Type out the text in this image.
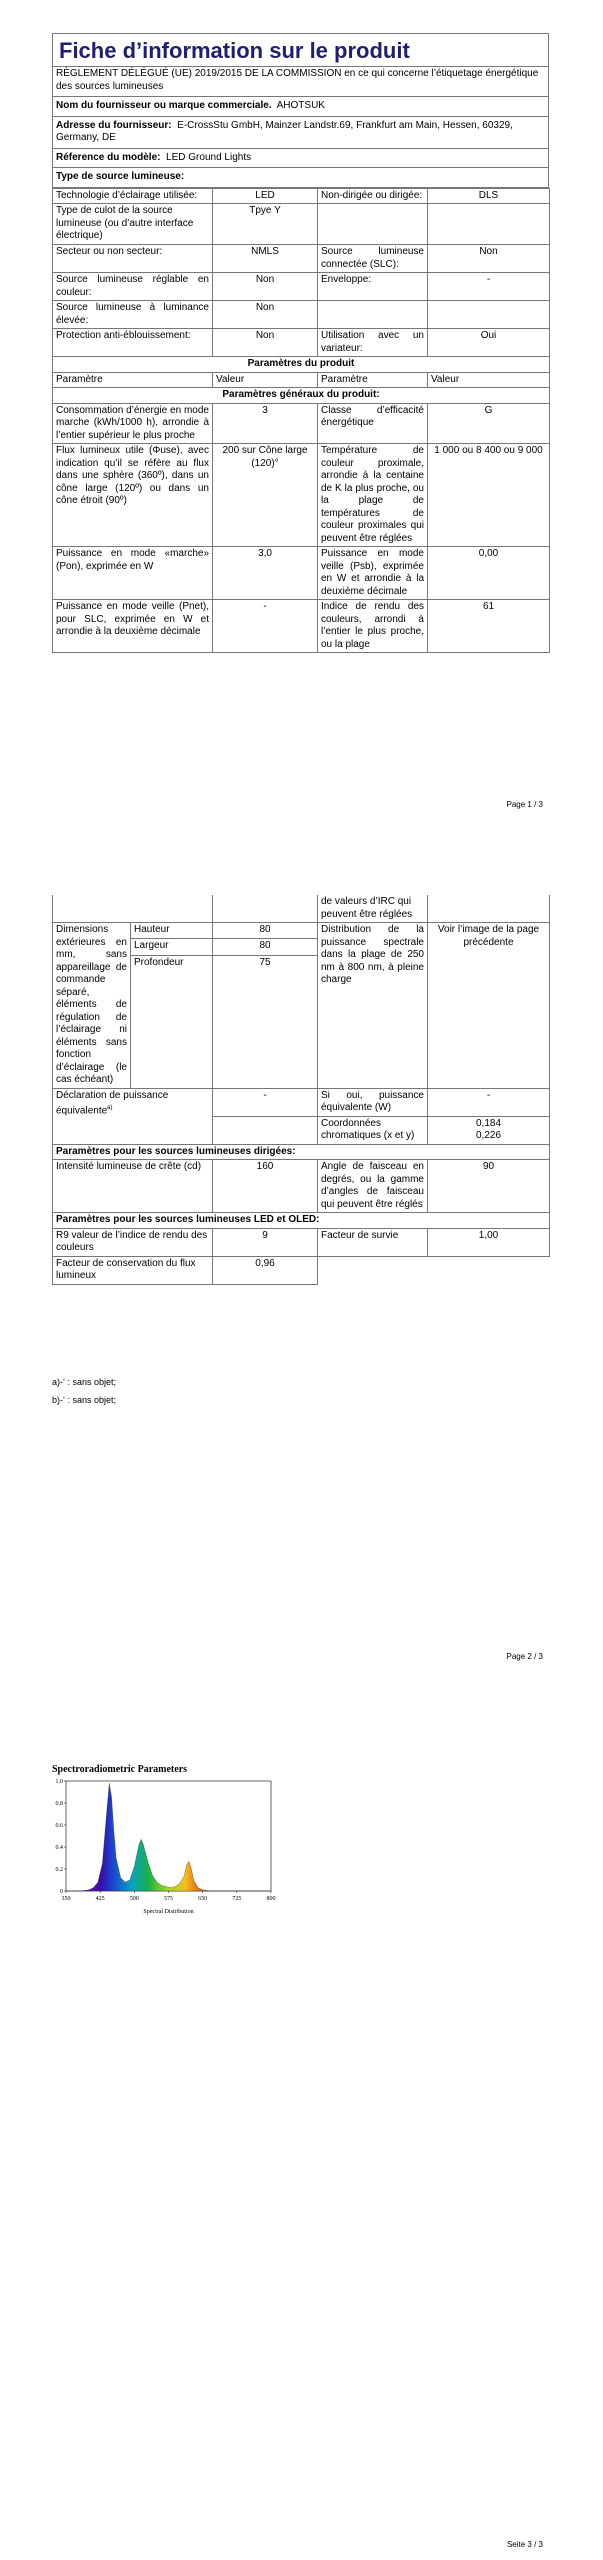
Fiche d’information sur le produit
RÈGLEMENT DÉLÉGUÉ (UE) 2019/2015 DE LA COMMISSION en ce qui concerne l’étiquetage énergétique des sources lumineuses
Nom du fournisseur ou marque commerciale. AHOTSUK
Adresse du fournisseur: E-CrossStu GmbH, Mainzer Landstr.69, Frankfurt am Main, Hessen, 60329, Germany, DE
Réference du modèle: LED Ground Lights
Type de source lumineuse:
Technologie d’éclairage utilisée:	LED	Non-dirigée ou dirigée:	DLS
Type de culot de la source lumineuse (ou d’autre interface électrique)	Tpye Y		
Secteur ou non secteur:	NMLS	Source lumineuse connectée (SLC):	Non
Source lumineuse réglable en couleur:	Non	Enveloppe:	-
Source lumineuse à luminance élevée:	Non		
Protection anti-éblouissement:	Non	Utilisation avec un variateur:	Oui
Paramètres du produit			
Paramètre	Valeur	Paramètre	Valeur
Paramètres généraux du produit:			
Consommation d’énergie en mode marche (kWh/1000 h), arrondie à l’entier supérieur le plus proche	3	Classe d’efficacité énergétique	G
Flux lumineux utile (Φuse), avec indication qu’il se réfère au flux dans une sphère (360º), dans un cône large (120º) ou dans un cône étroit (90º)	200 sur Cône large (120)°	Température de couleur proximale, arrondie à la centaine de K la plus proche, ou la plage de températures de couleur proximales qui peuvent être réglées	1 000 ou 8 400 ou 9 000
Puissance en mode «marche» (Pon), exprimée en W	3,0	Puissance en mode veille (Psb), exprimée en W et arrondie à la deuxième décimale	0,00
Puissance en mode veille (Pnet), pour SLC, exprimée en W et arrondie à la deuxième décimale	-	Indice de rendu des couleurs, arrondi à l’entier le plus proche, ou la plage	61
Page 1 / 3
			de valeurs d’IRC qui peuvent être réglées	
Dimensions extérieures en mm, sans appareillage de commande séparé, éléments de régulation de l’éclairage ni éléments sans fonction d’éclairage (le cas échéant)	Hauteur	80	Distribution de la puissance spectrale dans la plage de 250 nm à 800 nm, à pleine charge	Voir l’image de la page précédente
	Largeur	80		
	Profondeur	75		
Déclaration de puissance équivalente$^{a)}$		-	Si oui, puissance équivalente (W)	-
			Coordonnées chromatiques (x et y)	0,184
0,226
Paramètres pour les sources lumineuses dirigées:				
Intensité lumineuse de crête (cd)		160	Angle de faisceau en degrés, ou la gamme d’angles de faisceau qui peuvent être réglés	90
Paramètres pour les sources lumineuses LED et OLED:				
R9 valeur de l’indice de rendu des couleurs		9	Facteur de survie	1,00
Facteur de conservation du flux lumineux		0,96		
a)-‘ : sans objet;
b)-‘ : sans objet;
Page 2 / 3
Spectroradiometric Parameters
0
0.2
0.4
0.6
0.8
1.0
350	425	500	575	650	725	800
Spectral Distribution
Seite 3 / 3
